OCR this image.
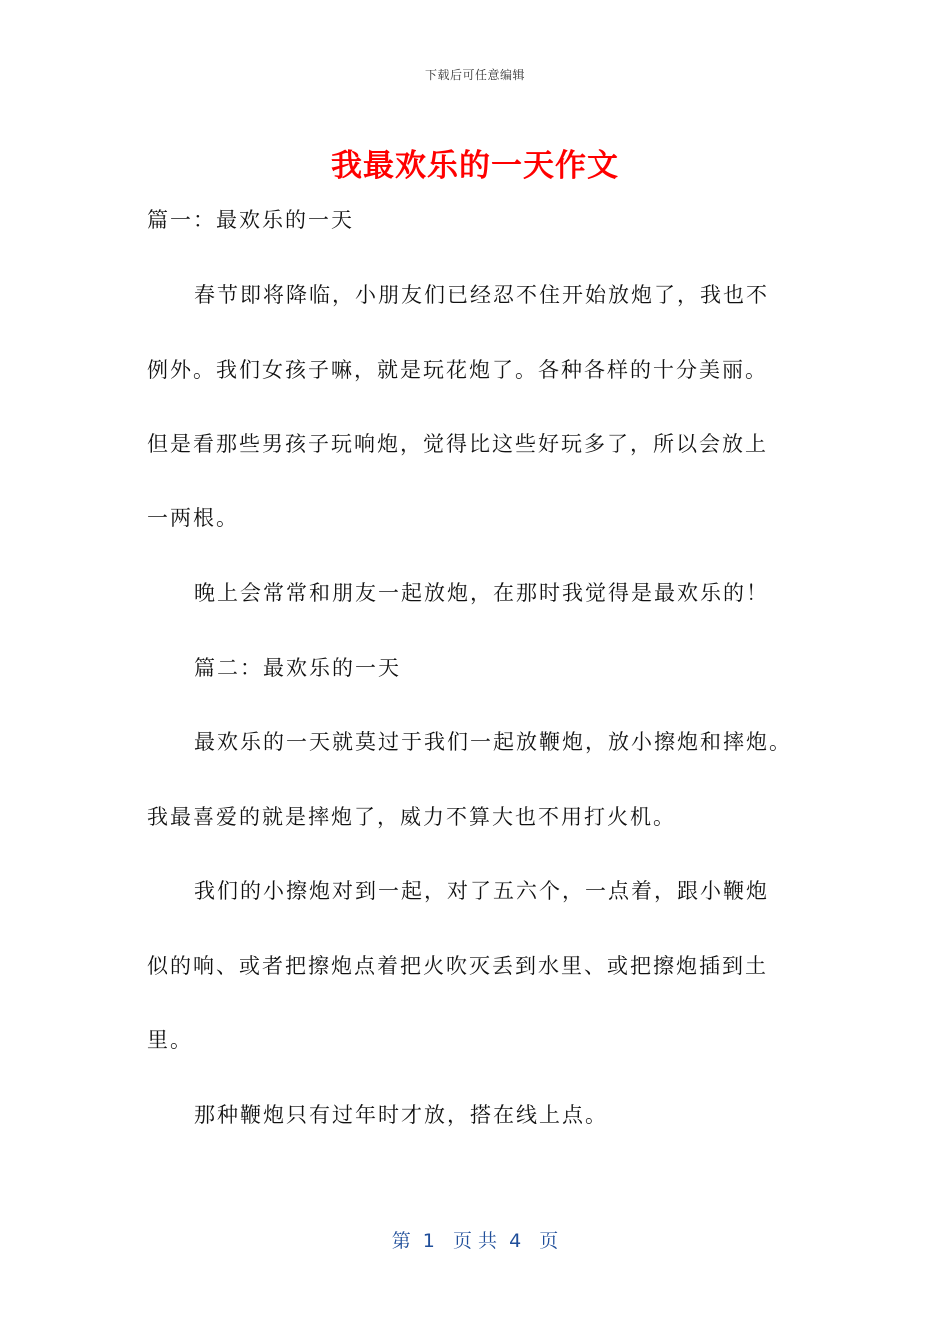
下载后可任意编辑
我最欢乐的一天作文
篇一：最欢乐的一天
春节即将降临，小朋友们已经忍不住开始放炮了，我也不
例外。我们女孩子嘛，就是玩花炮了。各种各样的十分美丽。
但是看那些男孩子玩响炮，觉得比这些好玩多了，所以会放上
一两根。
晚上会常常和朋友一起放炮，在那时我觉得是最欢乐的！
篇二：最欢乐的一天
最欢乐的一天就莫过于我们一起放鞭炮，放小擦炮和摔炮。
我最喜爱的就是摔炮了，威力不算大也不用打火机。
我们的小擦炮对到一起，对了五六个，一点着，跟小鞭炮
似的响、或者把擦炮点着把火吹灭丢到水里、或把擦炮插到土
里。
那种鞭炮只有过年时才放，搭在线上点。
第  1   页 共  4   页
